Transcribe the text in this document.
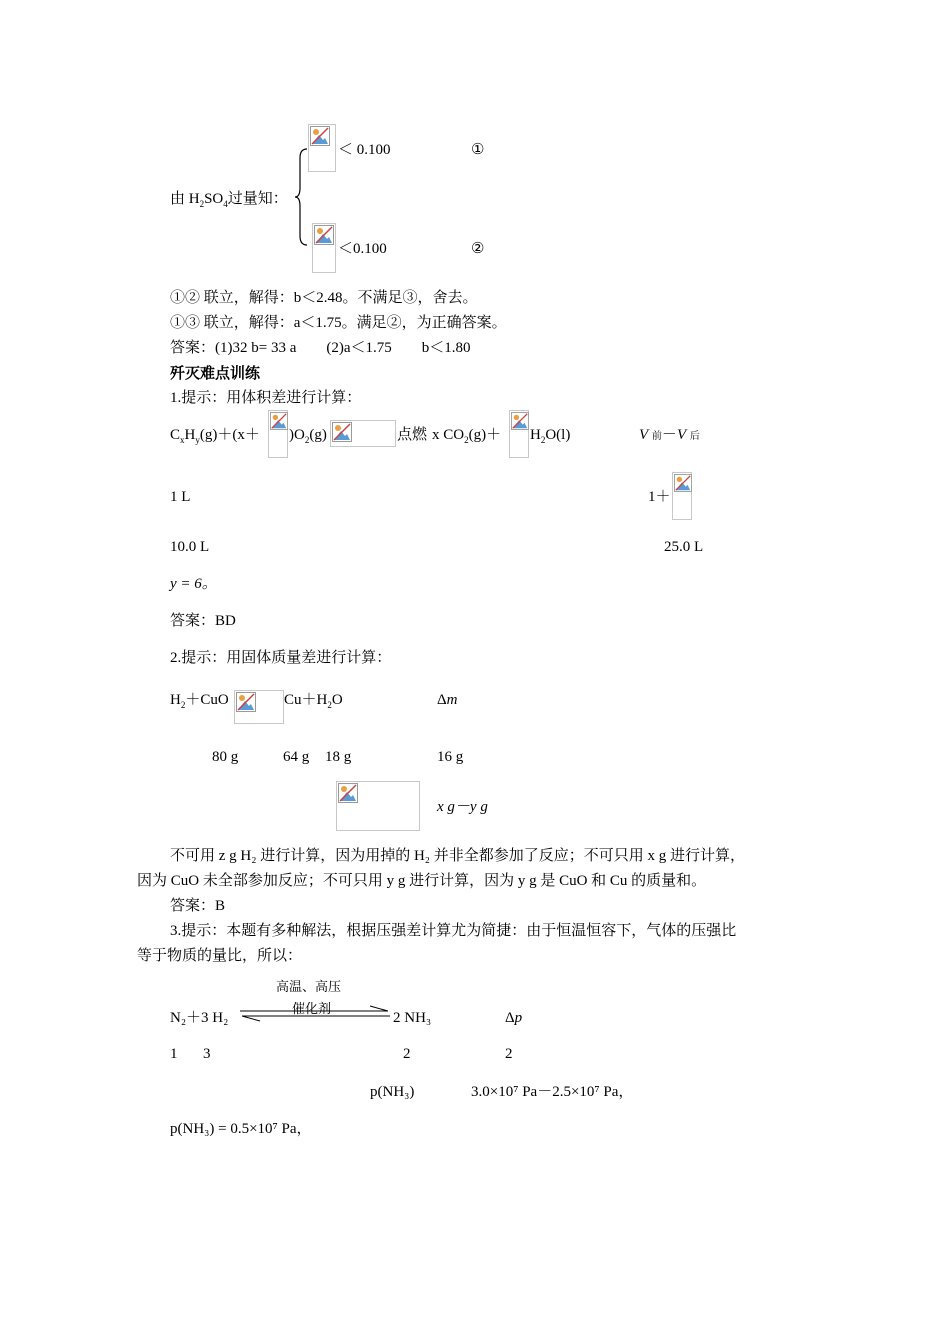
＜ 0.100	①
由 $H_2SO_4$过量知：
＜0.100	②
①② 联立，解得：b＜2.48。不满足③，舍去。
①③ 联立，解得：a＜1.75。满足②，为正确答案。
答案：(1)32 b= 33 a　　(2)a＜1.75　　b＜1.80
歼灭难点训练
1.提示：用体积差进行计算：
$C_xH_y(g)+(x+ )O_2(g)$	点燃 x $CO_2(g)+ H_2O(l)$	V 前－V 后
1 L	1＋
10.0 L	25.0 L
y = 6。
答案：BD
2.提示：用固体质量差进行计算：
$H_2+CuO$	$Cu+H_2O$	Δm
80 g	64 g 18 g	16 g
x g－y g
不可用 z g H₂ 进行计算，因为用掉的 H₂ 并非全都参加了反应；不可只用 x g 进行计算，
因为 CuO 未全部参加反应；不可只用 y g 进行计算，因为 y g 是 CuO 和 Cu 的质量和。
答案：B
3.提示：本题有多种解法，根据压强差计算尤为简捷：由于恒温恒容下，气体的压强比
等于物质的量比，所以：
高温、高压
N₂＋3 H₂
催化剂
2 NH₃	Δp
1 3	2	2
p(NH₃)	3.0×10⁷ Pa－2.5×10⁷ Pa，
p(NH₃) = 0.5×10⁷ Pa，
